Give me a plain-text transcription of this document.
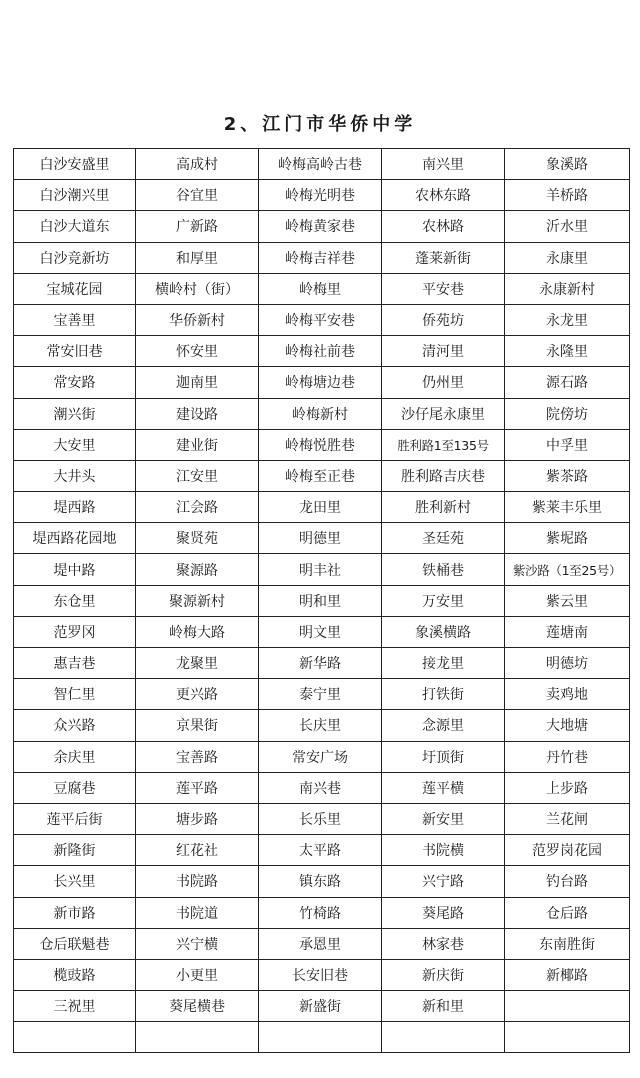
2、江门市华侨中学
白沙安盛里	高成村	岭梅高岭古巷	南兴里	象溪路
白沙潮兴里	谷宜里	岭梅光明巷	农林东路	羊桥路
白沙大道东	广新路	岭梅黄家巷	农林路	沂水里
白沙竞新坊	和厚里	岭梅吉祥巷	蓬莱新街	永康里
宝城花园	横岭村（街）	岭梅里	平安巷	永康新村
宝善里	华侨新村	岭梅平安巷	侨苑坊	永龙里
常安旧巷	怀安里	岭梅社前巷	清河里	永隆里
常安路	迦南里	岭梅塘边巷	仍州里	源石路
潮兴街	建设路	岭梅新村	沙仔尾永康里	院傍坊
大安里	建业街	岭梅悦胜巷	胜利路1至135号	中孚里
大井头	江安里	岭梅至正巷	胜利路吉庆巷	紫茶路
堤西路	江会路	龙田里	胜利新村	紫莱丰乐里
堤西路花园地	聚贤苑	明德里	圣廷苑	紫坭路
堤中路	聚源路	明丰社	铁桶巷	紫沙路（1至25号）
东仓里	聚源新村	明和里	万安里	紫云里
范罗冈	岭梅大路	明文里	象溪横路	莲塘南
惠吉巷	龙聚里	新华路	接龙里	明德坊
智仁里	更兴路	泰宁里	打铁街	卖鸡地
众兴路	京果街	长庆里	念源里	大地塘
余庆里	宝善路	常安广场	圩顶街	丹竹巷
豆腐巷	莲平路	南兴巷	莲平横	上步路
莲平后街	塘步路	长乐里	新安里	兰花闸
新隆街	红花社	太平路	书院横	范罗岗花园
长兴里	书院路	镇东路	兴宁路	钓台路
新市路	书院道	竹椅路	葵尾路	仓后路
仓后联魁巷	兴宁横	承恩里	林家巷	东南胜街
榄豉路	小更里	长安旧巷	新庆街	新椰路
三祝里	葵尾横巷	新盛街	新和里	
